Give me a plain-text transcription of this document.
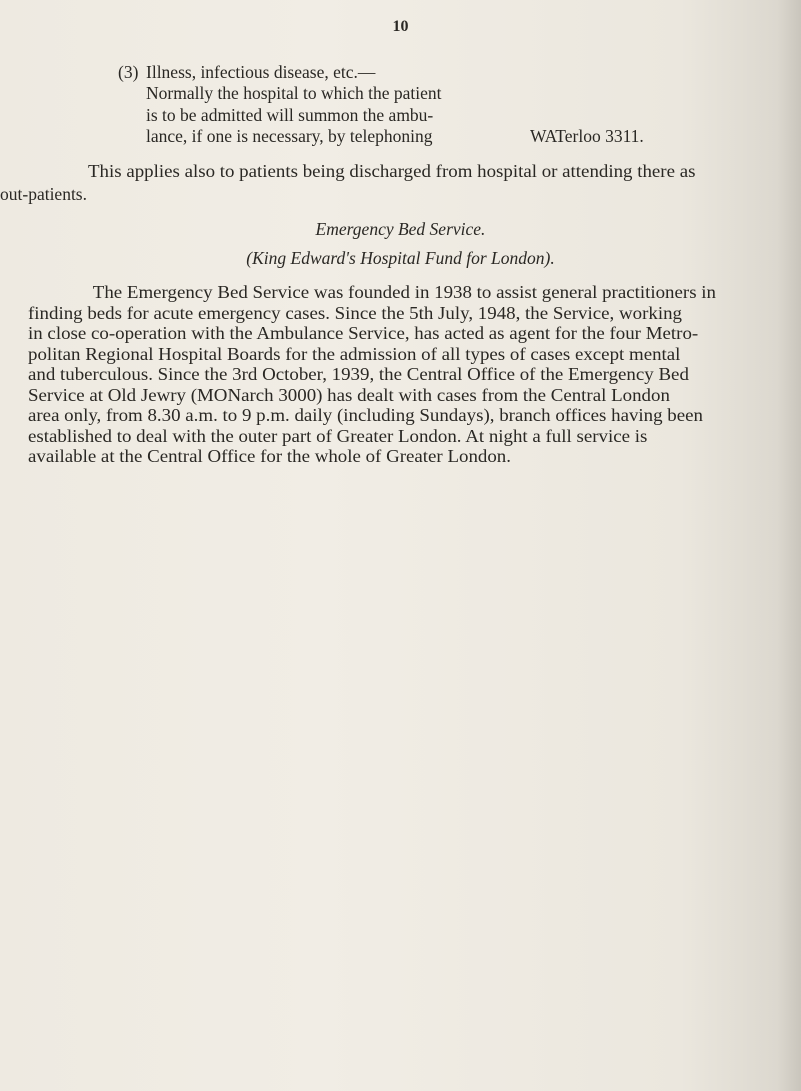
10
(3) Illness, infectious disease, etc.—
Normally the hospital to which the patient
is to be admitted will summon the ambu-
lance, if one is necessary, by telephoning	WATerloo 3311.
This applies also to patients being discharged from hospital or attending there as
out-patients.
Emergency Bed Service.
(King Edward's Hospital Fund for London).
The Emergency Bed Service was founded in 1938 to assist general practitioners in
finding beds for acute emergency cases. Since the 5th July, 1948, the Service, working
in close co-operation with the Ambulance Service, has acted as agent for the four Metro-
politan Regional Hospital Boards for the admission of all types of cases except mental
and tuberculous. Since the 3rd October, 1939, the Central Office of the Emergency Bed
Service at Old Jewry (MONarch 3000) has dealt with cases from the Central London
area only, from 8.30 a.m. to 9 p.m. daily (including Sundays), branch offices having been
established to deal with the outer part of Greater London. At night a full service is
available at the Central Office for the whole of Greater London.
